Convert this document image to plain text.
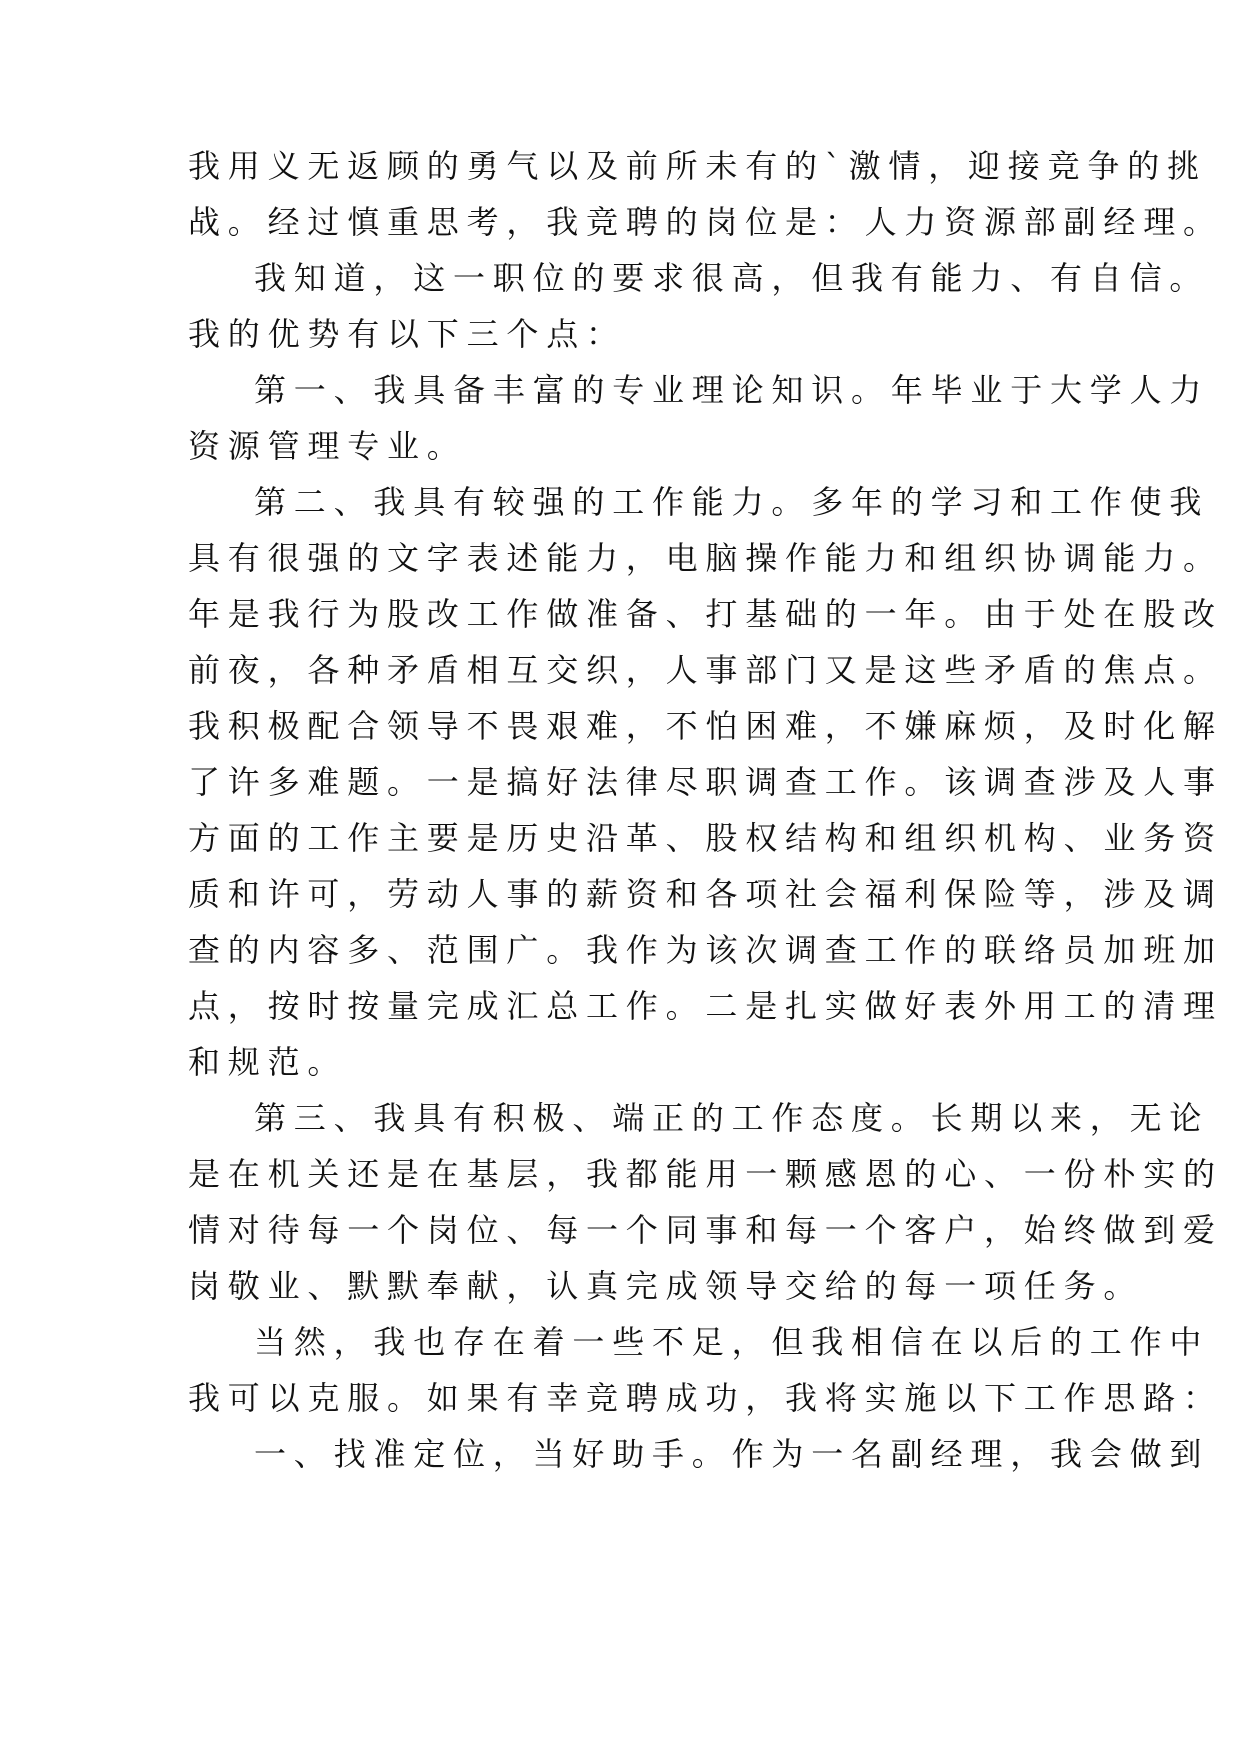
我用义无返顾的勇气以及前所未有的`激情，迎接竞争的挑
战。经过慎重思考，我竞聘的岗位是：人力资源部副经理。
我知道，这一职位的要求很高，但我有能力、有自信。
我的优势有以下三个点：
第一、我具备丰富的专业理论知识。年毕业于大学人力
资源管理专业。
第二、我具有较强的工作能力。多年的学习和工作使我
具有很强的文字表述能力，电脑操作能力和组织协调能力。
年是我行为股改工作做准备、打基础的一年。由于处在股改
前夜，各种矛盾相互交织，人事部门又是这些矛盾的焦点。
我积极配合领导不畏艰难，不怕困难，不嫌麻烦，及时化解
了许多难题。一是搞好法律尽职调查工作。该调查涉及人事
方面的工作主要是历史沿革、股权结构和组织机构、业务资
质和许可，劳动人事的薪资和各项社会福利保险等，涉及调
查的内容多、范围广。我作为该次调查工作的联络员加班加
点，按时按量完成汇总工作。二是扎实做好表外用工的清理
和规范。
第三、我具有积极、端正的工作态度。长期以来，无论
是在机关还是在基层，我都能用一颗感恩的心、一份朴实的
情对待每一个岗位、每一个同事和每一个客户，始终做到爱
岗敬业、默默奉献，认真完成领导交给的每一项任务。
当然，我也存在着一些不足，但我相信在以后的工作中
我可以克服。如果有幸竞聘成功，我将实施以下工作思路：
一、找准定位，当好助手。作为一名副经理，我会做到
